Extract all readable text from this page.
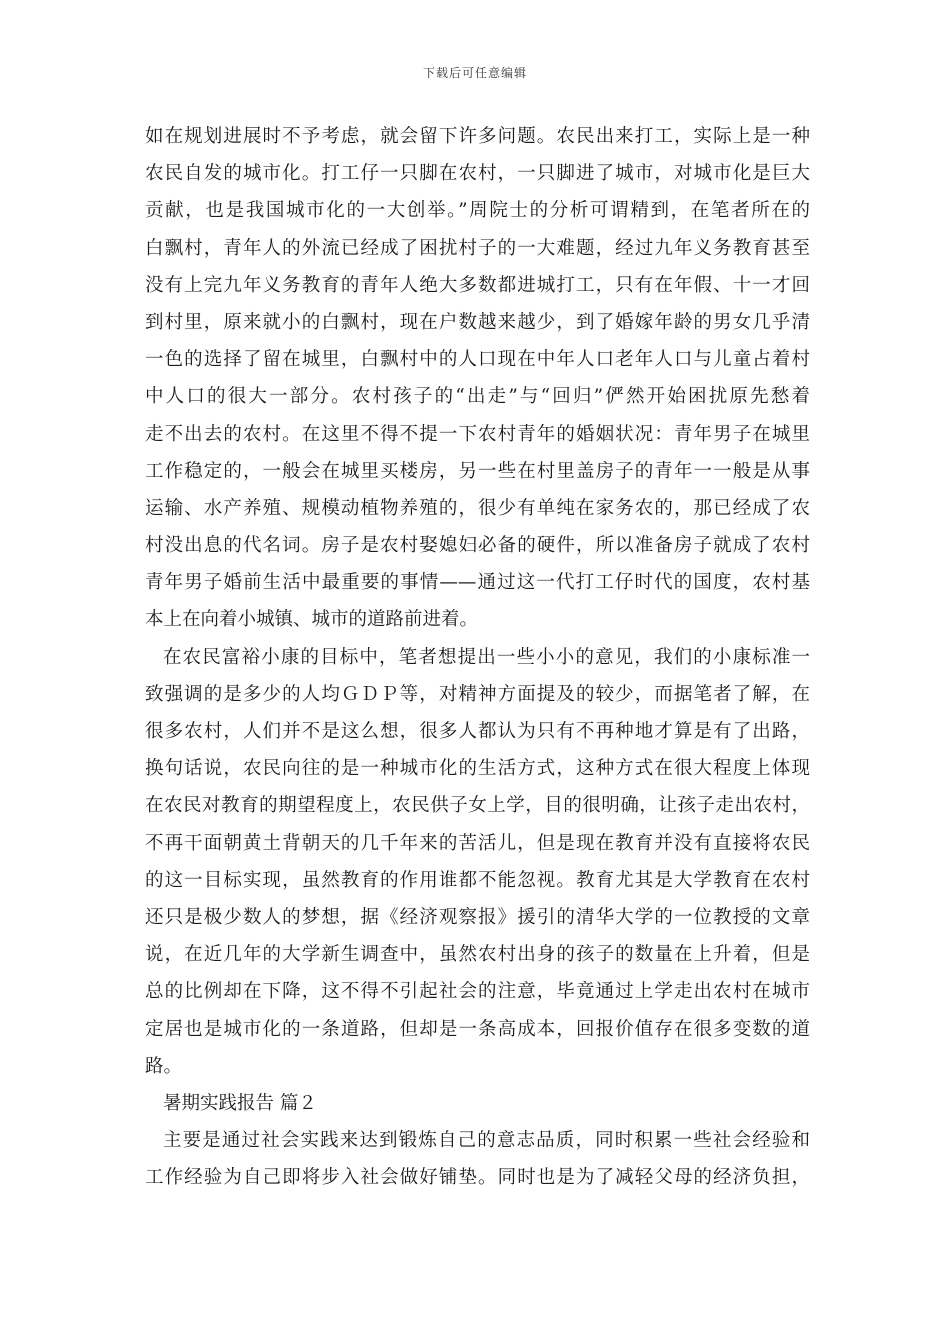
下载后可任意编辑
如在规划进展时不予考虑，就会留下许多问题。农民出来打工，实际上是一种
农民自发的城市化。打工仔一只脚在农村，一只脚进了城市，对城市化是巨大
贡献，也是我国城市化的一大创举。”周院士的分析可谓精到，在笔者所在的
白飘村，青年人的外流已经成了困扰村子的一大难题，经过九年义务教育甚至
没有上完九年义务教育的青年人绝大多数都进城打工，只有在年假、十一才回
到村里，原来就小的白飘村，现在户数越来越少，到了婚嫁年龄的男女几乎清
一色的选择了留在城里，白飘村中的人口现在中年人口老年人口与儿童占着村
中人口的很大一部分。农村孩子的“出走”与“回归”俨然开始困扰原先愁着
走不出去的农村。在这里不得不提一下农村青年的婚姻状况：青年男子在城里
工作稳定的，一般会在城里买楼房，另一些在村里盖房子的青年一一般是从事
运输、水产养殖、规模动植物养殖的，很少有单纯在家务农的，那已经成了农
村没出息的代名词。房子是农村娶媳妇必备的硬件，所以准备房子就成了农村
青年男子婚前生活中最重要的事情——通过这一代打工仔时代的国度，农村基
本上在向着小城镇、城市的道路前进着。
在农民富裕小康的目标中，笔者想提出一些小小的意见，我们的小康标准一
致强调的是多少的人均ＧＤＰ等，对精神方面提及的较少，而据笔者了解，在
很多农村，人们并不是这么想，很多人都认为只有不再种地才算是有了出路，
换句话说，农民向往的是一种城市化的生活方式，这种方式在很大程度上体现
在农民对教育的期望程度上，农民供子女上学，目的很明确，让孩子走出农村，
不再干面朝黄土背朝天的几千年来的苦活儿，但是现在教育并没有直接将农民
的这一目标实现，虽然教育的作用谁都不能忽视。教育尤其是大学教育在农村
还只是极少数人的梦想，据《经济观察报》援引的清华大学的一位教授的文章
说，在近几年的大学新生调查中，虽然农村出身的孩子的数量在上升着，但是
总的比例却在下降，这不得不引起社会的注意，毕竟通过上学走出农村在城市
定居也是城市化的一条道路，但却是一条高成本，回报价值存在很多变数的道
路。
暑期实践报告 篇２
主要是通过社会实践来达到锻炼自己的意志品质，同时积累一些社会经验和
工作经验为自己即将步入社会做好铺垫。同时也是为了减轻父母的经济负担，
